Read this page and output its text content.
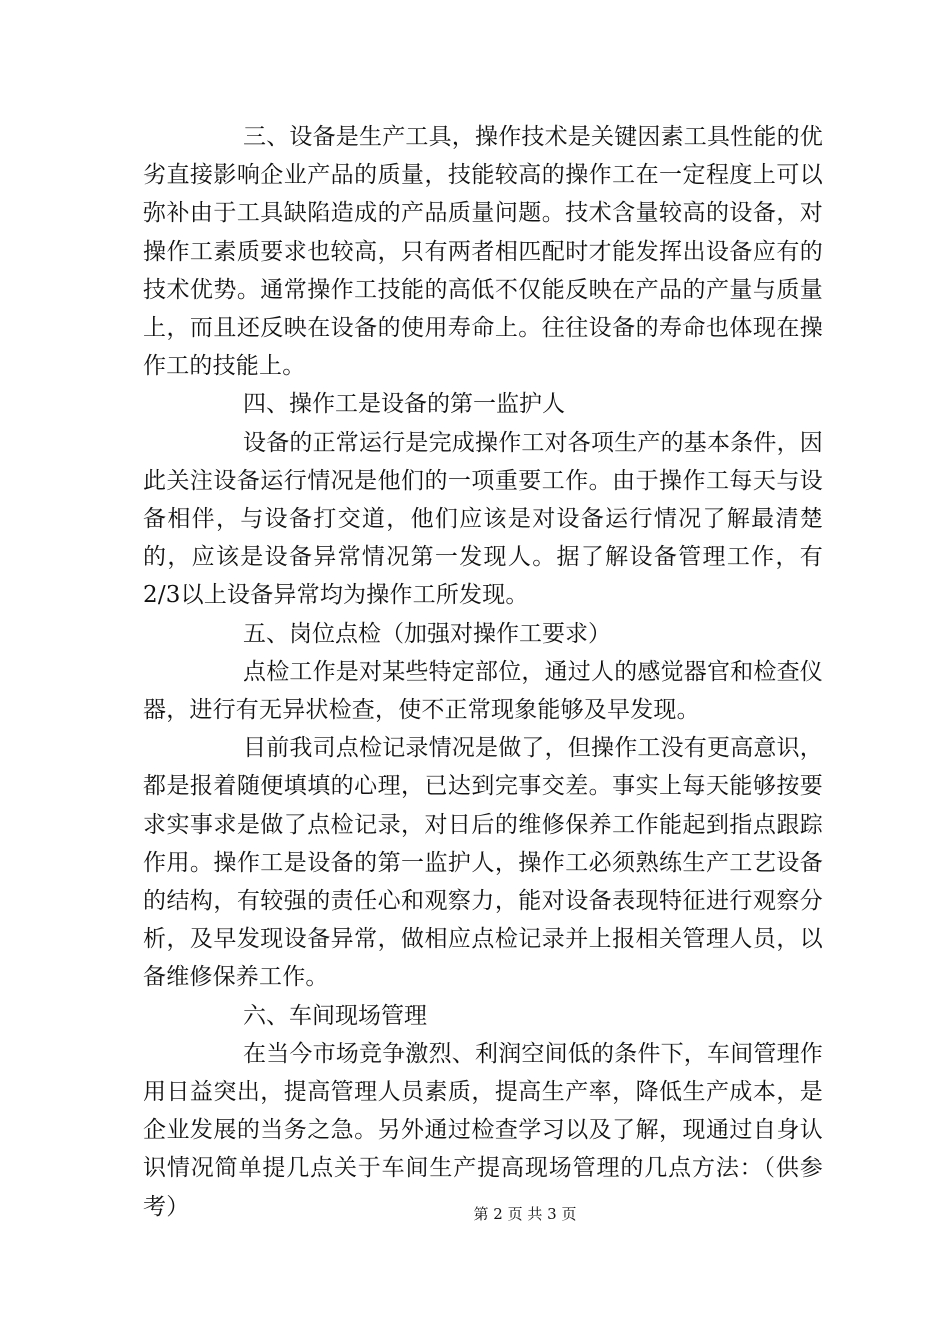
三、设备是生产工具，操作技术是关键因素工具性能的优劣直接影响企业产品的质量，技能较高的操作工在一定程度上可以弥补由于工具缺陷造成的产品质量问题。技术含量较高的设备，对操作工素质要求也较高，只有两者相匹配时才能发挥出设备应有的技术优势。通常操作工技能的高低不仅能反映在产品的产量与质量上，而且还反映在设备的使用寿命上。往往设备的寿命也体现在操作工的技能上。

四、操作工是设备的第一监护人

设备的正常运行是完成操作工对各项生产的基本条件，因此关注设备运行情况是他们的一项重要工作。由于操作工每天与设备相伴，与设备打交道，他们应该是对设备运行情况了解最清楚的，应该是设备异常情况第一发现人。据了解设备管理工作，有2/3以上设备异常均为操作工所发现。

五、岗位点检（加强对操作工要求）

点检工作是对某些特定部位，通过人的感觉器官和检查仪器，进行有无异状检查，使不正常现象能够及早发现。

目前我司点检记录情况是做了，但操作工没有更高意识，都是报着随便填填的心理，已达到完事交差。事实上每天能够按要求实事求是做了点检记录，对日后的维修保养工作能起到指点跟踪作用。操作工是设备的第一监护人，操作工必须熟练生产工艺设备的结构，有较强的责任心和观察力，能对设备表现特征进行观察分析，及早发现设备异常，做相应点检记录并上报相关管理人员，以备维修保养工作。

六、车间现场管理

在当今市场竞争激烈、利润空间低的条件下，车间管理作用日益突出，提高管理人员素质，提高生产率，降低生产成本，是企业发展的当务之急。另外通过检查学习以及了解，现通过自身认识情况简单提几点关于车间生产提高现场管理的几点方法：（供参考）	第 2 页 共 3 页
